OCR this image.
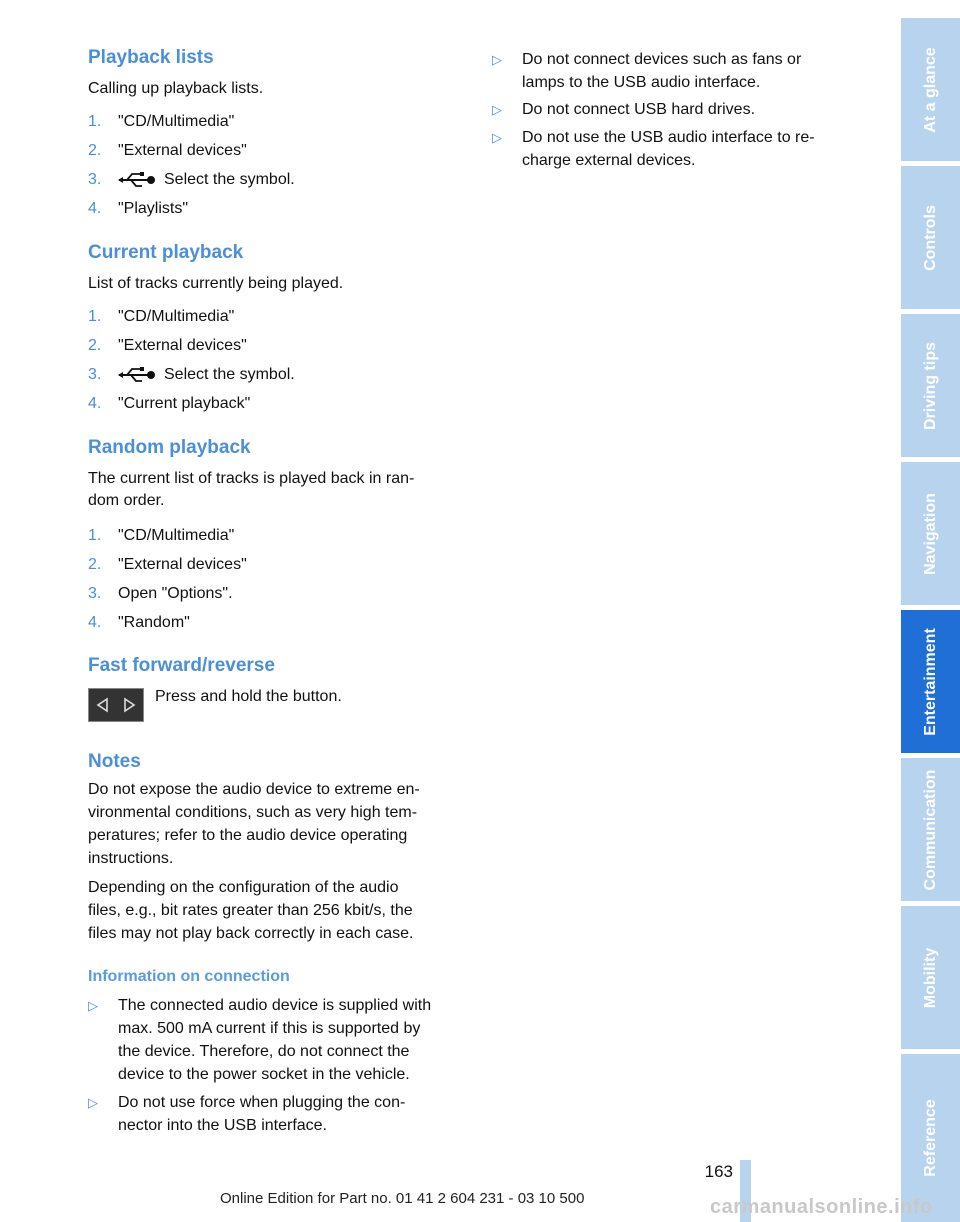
Playback lists

Calling up playback lists.

1. "CD/Multimedia"
2. "External devices"
3.	Select the symbol.
4. "Playlists"
Current playback

List of tracks currently being played.

1. "CD/Multimedia"
2. "External devices"
3.	Select the symbol.
4. "Current playback"
Random playback

The current list of tracks is played back in ran-

dom order.

1. "CD/Multimedia"
2. "External devices"
3. Open "Options".
4. "Random"
Fast forward/reverse

Press and hold the button.

Notes

Do not expose the audio device to extreme en-

vironmental conditions, such as very high tem-

peratures; refer to the audio device operating

instructions.

Depending on the configuration of the audio

files, e.g., bit rates greater than 256 kbit/s, the

files may not play back correctly in each case.

Information on connection
▷ The connected audio device is supplied with

max. 500 mA current if this is supported by

the device. Therefore, do not connect the

device to the power socket in the vehicle.

▷ Do not use force when plugging the con-

nector into the USB interface.

▷ Do not connect devices such as fans or

lamps to the USB audio interface.

▷ Do not connect USB hard drives.

▷ Do not use the USB audio interface to re-

charge external devices.

At a glance
Controls
Driving tips
Navigation
Entertainment
Communication
Mobility
Reference
163
Online Edition for Part no. 01 41 2 604 231 - 03 10 500	carmanualsonline.info
